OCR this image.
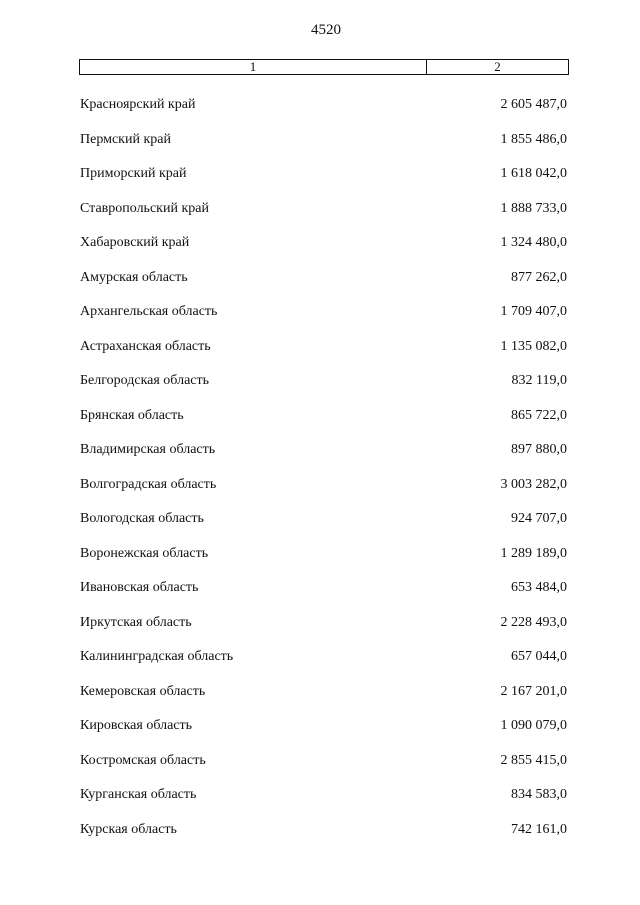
4520
1	2
Красноярский край	2 605 487,0
Пермский край	1 855 486,0
Приморский край	1 618 042,0
Ставропольский край	1 888 733,0
Хабаровский край	1 324 480,0
Амурская область	877 262,0
Архангельская область	1 709 407,0
Астраханская область	1 135 082,0
Белгородская область	832 119,0
Брянская область	865 722,0
Владимирская область	897 880,0
Волгоградская область	3 003 282,0
Вологодская область	924 707,0
Воронежская область	1 289 189,0
Ивановская область	653 484,0
Иркутская область	2 228 493,0
Калининградская область	657 044,0
Кемеровская область	2 167 201,0
Кировская область	1 090 079,0
Костромская область	2 855 415,0
Курганская область	834 583,0
Курская область	742 161,0
